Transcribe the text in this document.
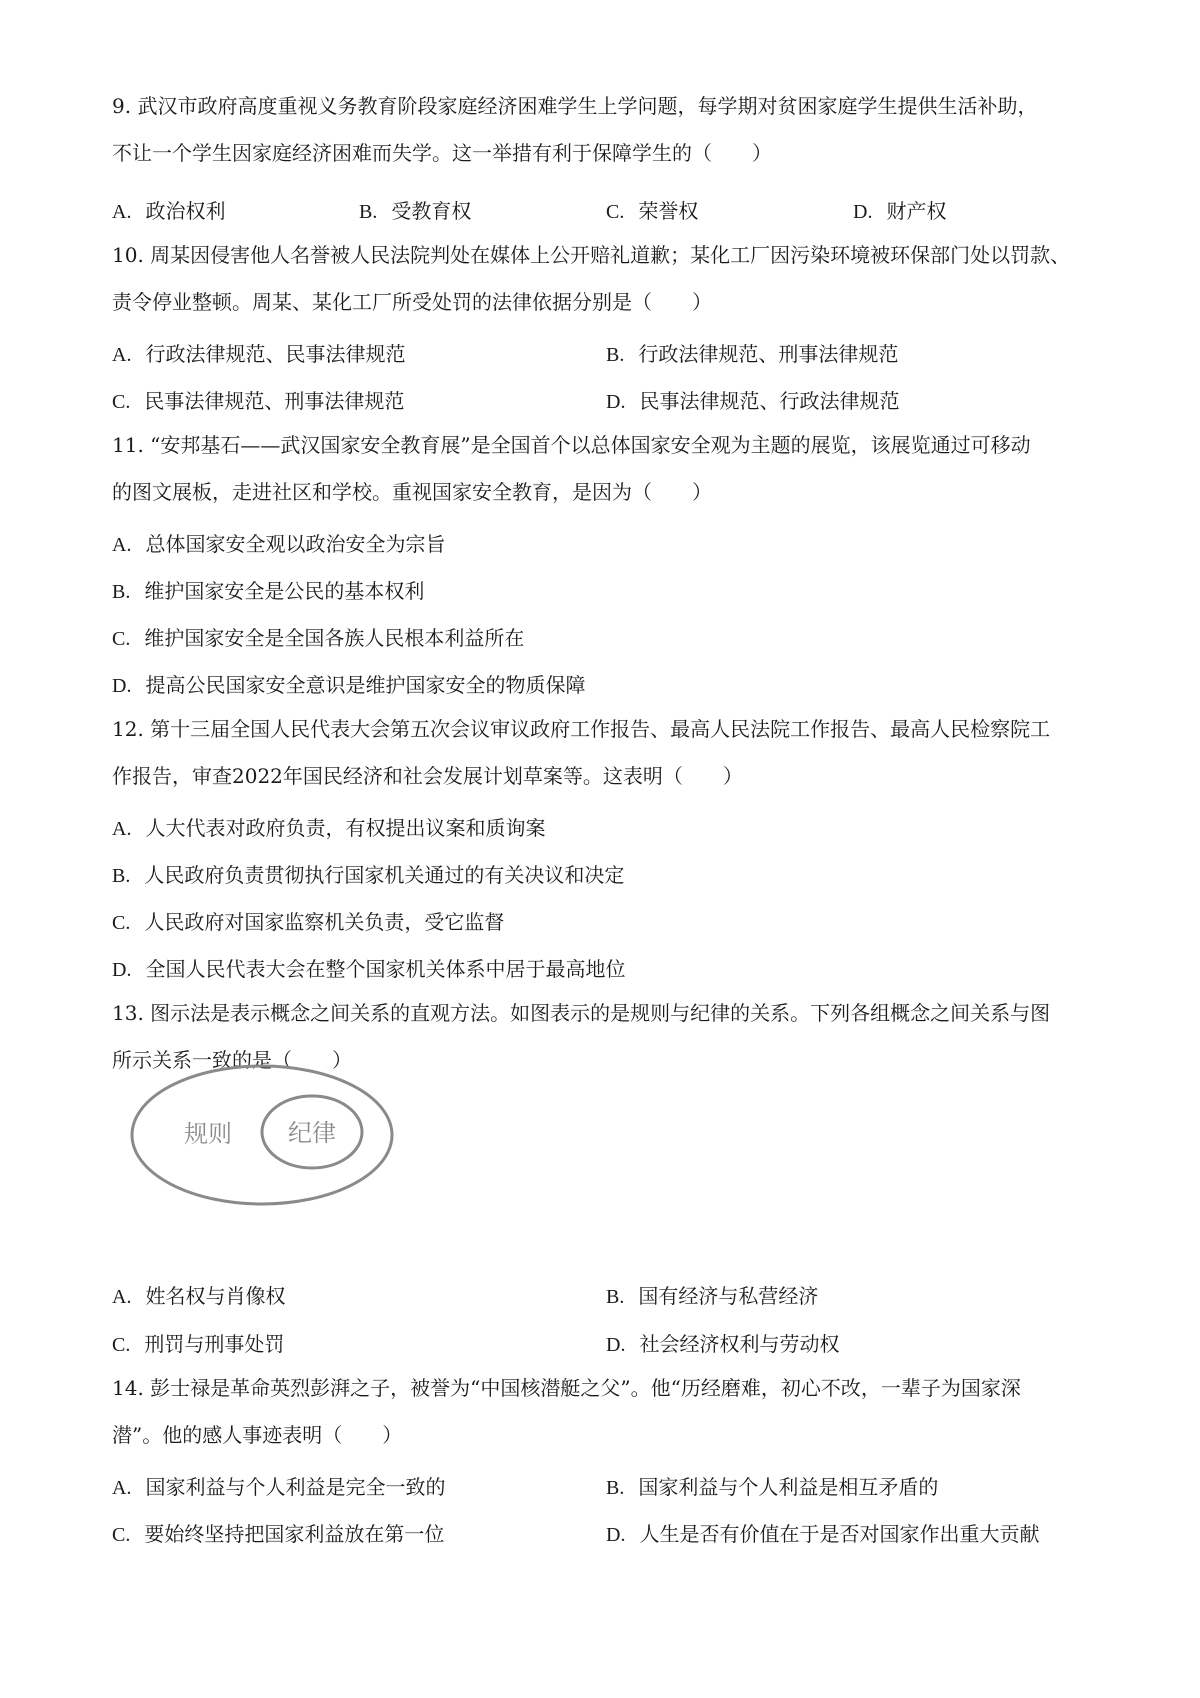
9. 武汉市政府高度重视义务教育阶段家庭经济困难学生上学问题，每学期对贫困家庭学生提供生活补助，
不让一个学生因家庭经济困难而失学。这一举措有利于保障学生的（　　）
A. 政治权利	B. 受教育权	C. 荣誉权	D. 财产权
10. 周某因侵害他人名誉被人民法院判处在媒体上公开赔礼道歉；某化工厂因污染环境被环保部门处以罚款、
责令停业整顿。周某、某化工厂所受处罚的法律依据分别是（　　）
A. 行政法律规范、民事法律规范	B. 行政法律规范、刑事法律规范
C. 民事法律规范、刑事法律规范	D. 民事法律规范、行政法律规范
11. “安邦基石——武汉国家安全教育展”是全国首个以总体国家安全观为主题的展览，该展览通过可移动
的图文展板，走进社区和学校。重视国家安全教育，是因为（　　）
A. 总体国家安全观以政治安全为宗旨
B. 维护国家安全是公民的基本权利
C. 维护国家安全是全国各族人民根本利益所在
D. 提高公民国家安全意识是维护国家安全的物质保障
12. 第十三届全国人民代表大会第五次会议审议政府工作报告、最高人民法院工作报告、最高人民检察院工
作报告，审查2022年国民经济和社会发展计划草案等。这表明（　　）
A. 人大代表对政府负责，有权提出议案和质询案
B. 人民政府负责贯彻执行国家机关通过的有关决议和决定
C. 人民政府对国家监察机关负责，受它监督
D. 全国人民代表大会在整个国家机关体系中居于最高地位
13. 图示法是表示概念之间关系的直观方法。如图表示的是规则与纪律的关系。下列各组概念之间关系与图
所示关系一致的是（　　）
规则 纪律
A. 姓名权与肖像权	B. 国有经济与私营经济
C. 刑罚与刑事处罚	D. 社会经济权利与劳动权
14. 彭士禄是革命英烈彭湃之子，被誉为“中国核潜艇之父”。他“历经磨难，初心不改，一辈子为国家深
潜”。他的感人事迹表明（　　）
A. 国家利益与个人利益是完全一致的	B. 国家利益与个人利益是相互矛盾的
C. 要始终坚持把国家利益放在第一位	D. 人生是否有价值在于是否对国家作出重大贡献
